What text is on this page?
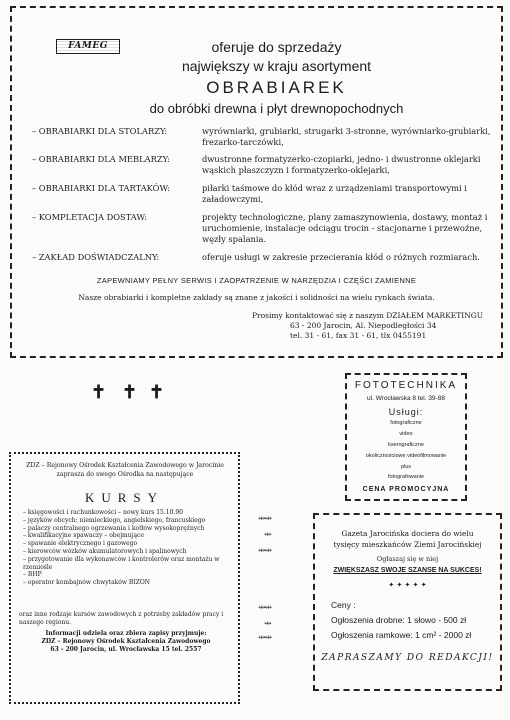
FAMEG	oferuje do sprzedaży
największy w kraju asortyment
OBRABIAREK
do obróbki drewna i płyt drewnopochodnych
– OBRABIARKI DLA STOLARZY:	wyrówniarki, grubiarki, strugarki 3-stronne, wyrówniarko-grubiarki, frezarko-tarczówki,
– OBRABIARKI DLA MEBLARZY:	dwustronne formatyzerko-czopiarki, jedno- i dwustronne oklejarki wąskich płaszczyzn i formatyzerko-oklejarki,
– OBRABIARKI DLA TARTAKÓW:	piłarki taśmowe do kłód wraz z urządzeniami transportowymi i załadowczymi,
– KOMPLETACJA DOSTAW:	projekty technologiczne, plany zamaszynowienia, dostawy, montaż i uruchomienie, instalacje odciągu trocin - stacjonarne i przewoźne, węzły spalania.
– ZAKŁAD DOŚWIADCZALNY:	oferuje usługi w zakresie przecierania kłód o różnych rozmiarach.
ZAPEWNIAMY PEŁNY SERWIS I ZAOPATRZENIE W NARZĘDZIA I CZĘŚCI ZAMIENNE
Nasze obrabiarki i kompletne zakłady są znane z jakości i solidności na wielu rynkach świata.
Prosimy kontaktować się z naszym DZIAŁEM MARKETINGU
63 - 200 Jarocin, Al. Niepodległości 34
tel. 31 - 61, fax 31 - 61, tlx 0455191
✝ ✝ ✝	FOTOTECHNIKA
ul. Wrocławska 8 tel. 39-88
Usługi:
fotograficzne
video
kserograficzne
okolicznościowe videofilmowanie
plus
fotografowanie
CENA PROMOCYJNA
ZDZ – Rejonowy Ośrodek Kształcenia Zawodowego w Jarocinie
zaprasza do swego Ośrodka na następujące
KURSY
– księgowości i rachunkowości – nowy kurs 15.10.90
– języków obcych: niemieckiego, angielskiego, francuskiego
– palaczy centralnego ogrzewania i kotłów wysokoprężnych
– kwalifikacyjne spawaczy – obejmujące
– spawanie elektrycznego i gazowego
– kierowców wózków akumulatorowych i spalinowych
– przygotowanie dla wykonawców i kontrolerów oraz montażu w rzemiośle
– BHP
– operator kombajnów chwytaków BIZON
oraz inne rodzaje kursów zawodowych z potrzeby zakładów pracy i naszego regionu.
Informacji udziela oraz zbiera zapisy przyjmuje:
ZDZ – Rejonowy Ośrodek Kształcenia Zawodowego
63 - 200 Jarocin, ul. Wrocławska 15 tel. 2557
⇹⇹
⇹
⇹⇹
⇹⇹
⇹
⇹⇹
Gazeta Jarocińska dociera do wielu
tysięcy mieszkańców Ziemi Jarocińskiej
Ogłaszaj się w niej
ZWIĘKSZASZ SWOJE SZANSE NA SUKCES!
✦ ✦ ✦ ✦ ✦
Ceny :
Ogłoszenia drobne: 1 słowo - 500 zł
Ogłoszenia ramkowe: 1 cm² - 2000 zł
ZAPRASZAMY DO REDAKCJI!
